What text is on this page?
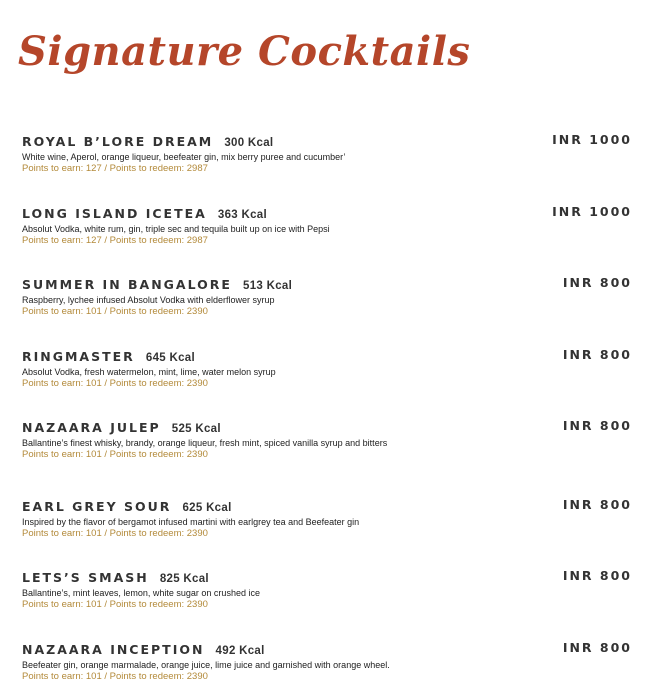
Signature Cocktails
ROYAL B’LORE DREAM 300 Kcal	INR 1000
White wine, Aperol, orange liqueur, beefeater gin, mix berry puree and cucumber’
Points to earn: 127 / Points to redeem: 2987
LONG ISLAND ICETEA 363 Kcal	INR 1000
Absolut Vodka, white rum, gin, triple sec and tequila built up on ice with Pepsi
Points to earn: 127 / Points to redeem: 2987
SUMMER IN BANGALORE 513 Kcal	INR 800
Raspberry, lychee infused Absolut Vodka with elderflower syrup
Points to earn: 101 / Points to redeem: 2390
RINGMASTER 645 Kcal	INR 800
Absolut Vodka, fresh watermelon, mint, lime, water melon syrup
Points to earn: 101 / Points to redeem: 2390
NAZAARA JULEP 525 Kcal	INR 800
Ballantine’s finest whisky, brandy, orange liqueur, fresh mint, spiced vanilla syrup and bitters
Points to earn: 101 / Points to redeem: 2390
EARL GREY SOUR 625 Kcal	INR 800
Inspired by the flavor of bergamot infused martini with earlgrey tea and Beefeater gin
Points to earn: 101 / Points to redeem: 2390
LETS’S SMASH 825 Kcal	INR 800
Ballantine’s, mint leaves, lemon, white sugar on crushed ice
Points to earn: 101 / Points to redeem: 2390
NAZAARA INCEPTION 492 Kcal	INR 800
Beefeater gin, orange marmalade, orange juice, lime juice and garnished with orange wheel.
Points to earn: 101 / Points to redeem: 2390
